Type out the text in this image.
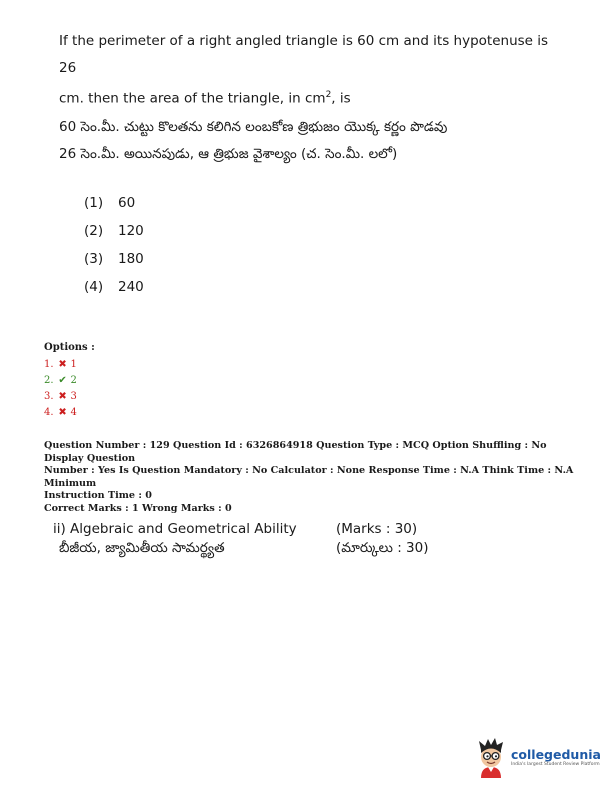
If the perimeter of a right angled triangle is 60 cm and its hypotenuse is 26

cm. then the area of the triangle, in $cm^2$, is

60 సెం.మీ. చుట్టు కొలతను కలిగిన లంబకోణ త్రిభుజం యొక్క కర్ణం పొడవు

26 సెం.మీ. అయినపుడు, ఆ త్రిభుజ వైశాల్యం (చ. సెం.మీ. లలో)

(1)	60
(2)	120
(3)	180
(4)	240
Options :
1. ✖ 1
2. ✔ 2
3. ✖ 3
4. ✖ 4

Question Number : 129 Question Id : 6326864918 Question Type : MCQ Option Shuffling : No Display Question

Number : Yes Is Question Mandatory : No Calculator : None Response Time : N.A Think Time : N.A Minimum

Instruction Time : 0

Correct Marks : 1 Wrong Marks : 0

ii) Algebraic and Geometrical Ability	(Marks : 30)
బీజీయ, జ్యామితీయ సామర్థ్యత	(మార్కులు : 30)
collegedunia
India's largest Student Review Platform
